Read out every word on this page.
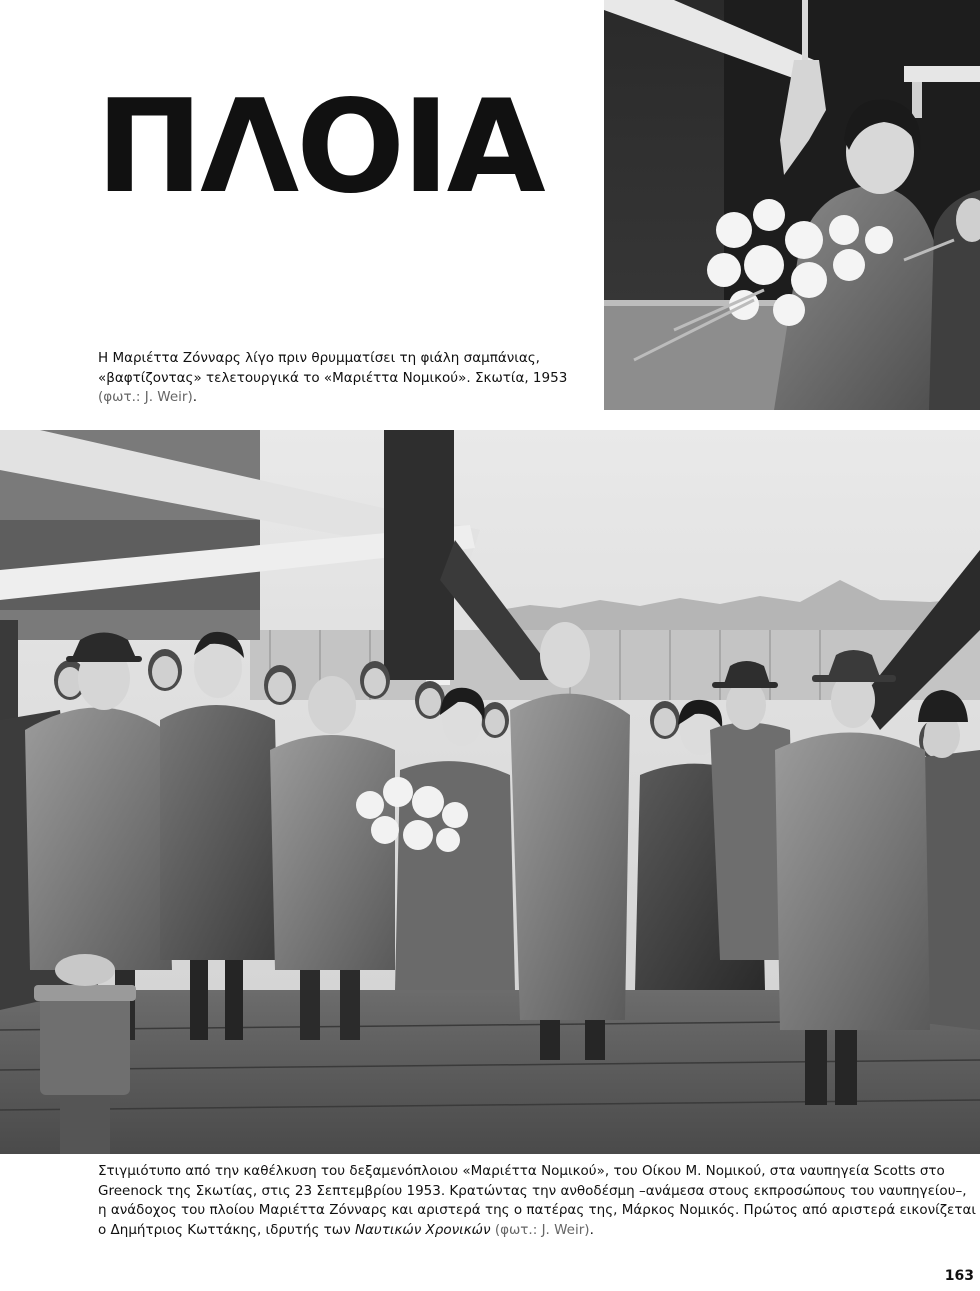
ΠΛΟΙΑ
Η Μαριέττα Ζόνναρς λίγο πριν θρυμματίσει τη φιάλη σαμπάνιας,
«βαφτίζοντας» τελετουργικά το «Μαριέττα Νομικού». Σκωτία, 1953
(φωτ.: J. Weir).
Στιγμιότυπο από την καθέλκυση του δεξαμενόπλοιου «Μαριέττα Νομικού», του Οίκου Μ. Νομικού, στα ναυπηγεία Scotts στο Greenock της Σκωτίας, στις 23 Σεπτεμβρίου 1953. Κρατώντας την ανθοδέσμη –ανάμεσα στους εκπροσώπους του ναυπηγείου–, η ανάδοχος του πλοίου Μαριέττα Ζόνναρς και αριστερά της ο πατέρας της, Μάρκος Νομικός. Πρώτος από αριστερά εικονίζεται ο Δημήτριος Κωττάκης, ιδρυτής των Ναυτικών Χρονικών (φωτ.: J. Weir).
163
